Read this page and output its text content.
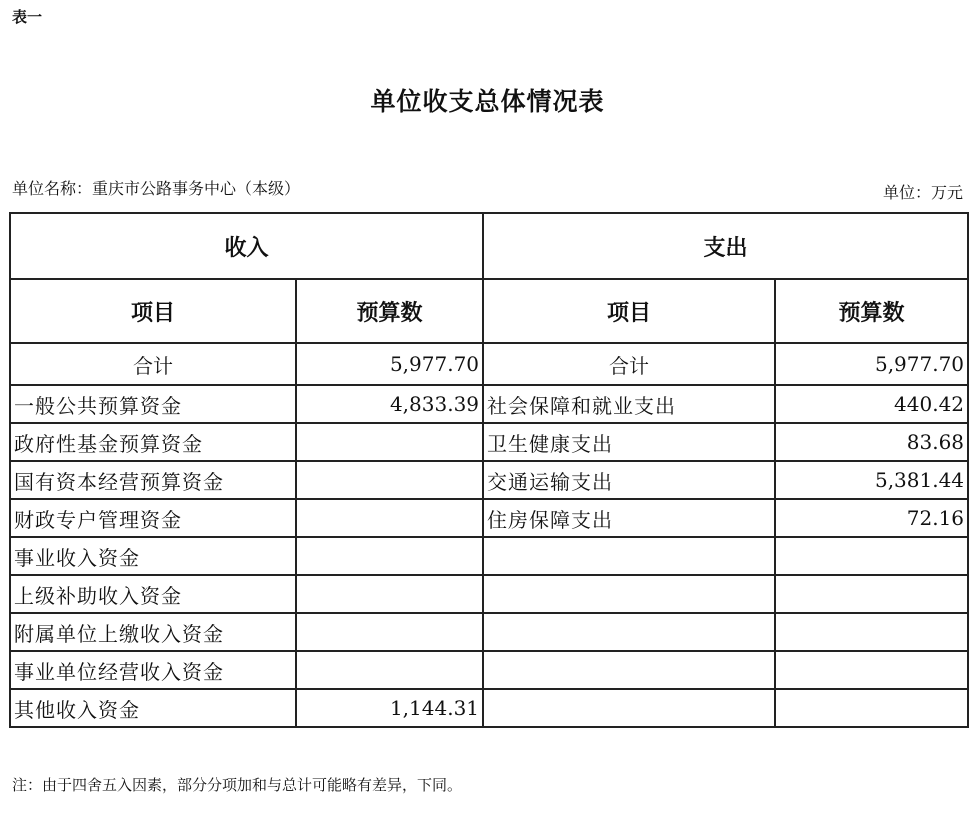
表一
单位收支总体情况表
单位名称：重庆市公路事务中心（本级）	单位：万元
收入		支出	
项目	预算数	项目	预算数
合计	5,977.70	合计	5,977.70
一般公共预算资金	4,833.39	社会保障和就业支出	440.42
政府性基金预算资金		卫生健康支出	83.68
国有资本经营预算资金		交通运输支出	5,381.44
财政专户管理资金		住房保障支出	72.16
事业收入资金			
上级补助收入资金			
附属单位上缴收入资金			
事业单位经营收入资金			
其他收入资金	1,144.31		
注：由于四舍五入因素，部分分项加和与总计可能略有差异，下同。
